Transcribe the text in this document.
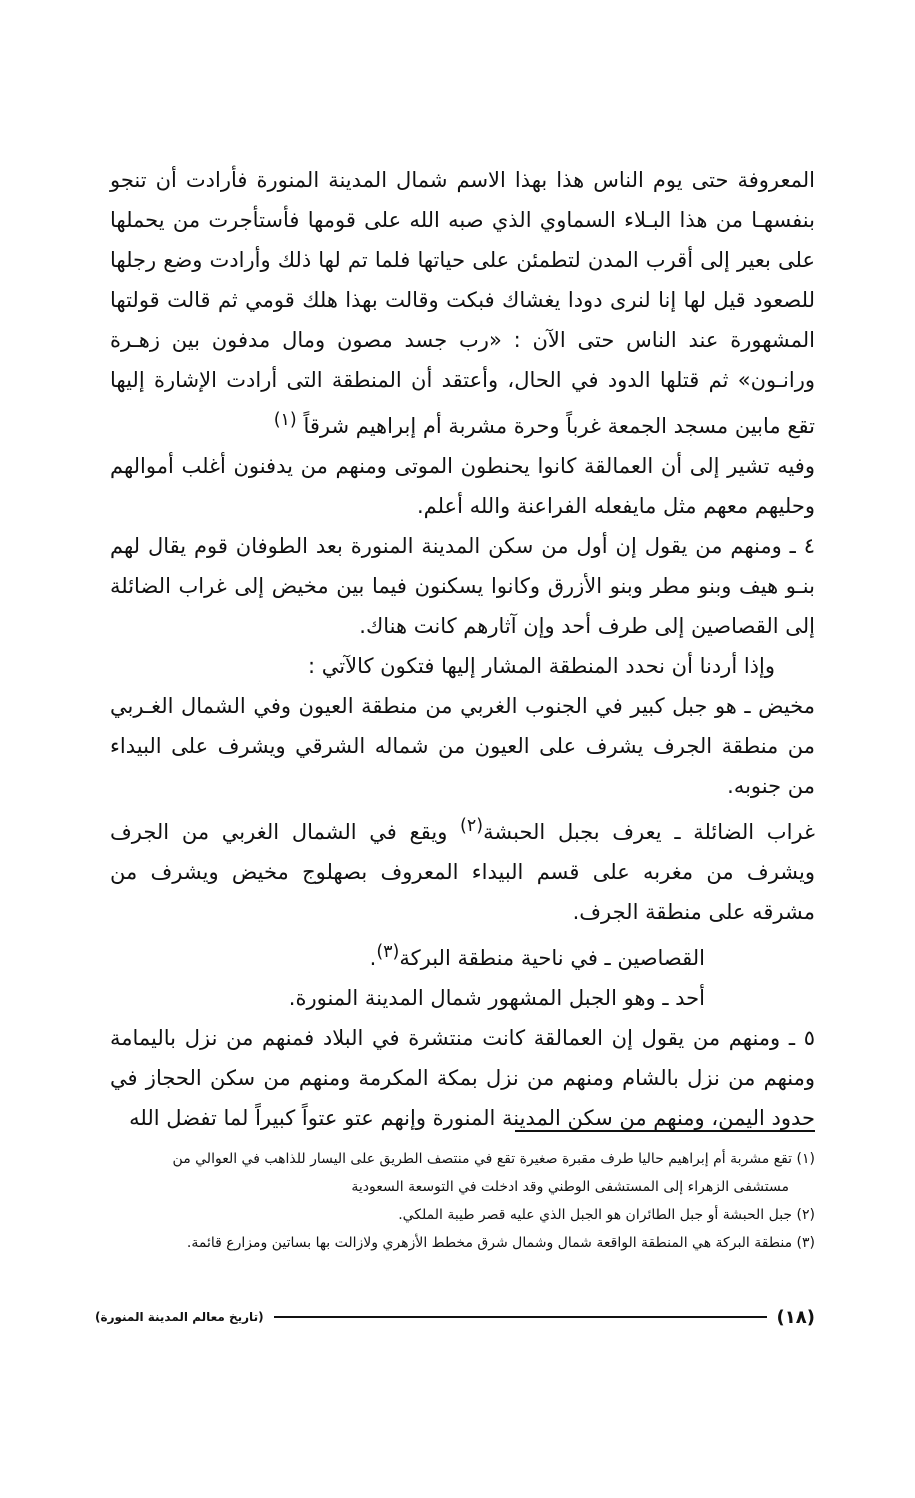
المعروفة حتى يوم الناس هذا بهذا الاسم شمال المدينة المنورة فأرادت أن تنجو بنفسهـا من هذا البـلاء السماوي الذي صبه الله على قومها فأستأجرت من يحملها على بعير إلى أقرب المدن لتطمئن على حياتها فلما تم لها ذلك وأرادت وضع رجلها للصعود قيل لها إنا لنرى دودا يغشاك فبكت وقالت بهذا هلك قومي ثم قالت قولتها المشهورة عند الناس حتى الآن : «رب جسد مصون ومال مدفون بين زهـرة ورانـون» ثم قتلها الدود في الحال، وأعتقد أن المنطقة التى أرادت الإشارة إليها تقع مابين مسجد الجمعة غرباً وحرة مشربة أم إبراهيم شرقاً $^{(١)}$

وفيه تشير إلى أن العمالقة كانوا يحنطون الموتى ومنهم من يدفنون أغلب أموالهم وحليهم معهم مثل مايفعله الفراعنة والله أعلم.

٤ ـ ومنهم من يقول إن أول من سكن المدينة المنورة بعد الطوفان قوم يقال لهم بنـو هيف وبنو مطر وبنو الأزرق وكانوا يسكنون فيما بين مخيض إلى غراب الضائلة إلى القصاصين إلى طرف أحد وإن آثارهم كانت هناك.

وإذا أردنا أن نحدد المنطقة المشار إليها فتكون كالآتي :

مخيض ـ هو جبل كبير في الجنوب الغربي من منطقة العيون وفي الشمال الغـربي من منطقة الجرف يشرف على العيون من شماله الشرقي ويشرف على البيداء من جنوبه.

غراب الضائلة ـ يعرف بجبل الحبشة$^{(٢)}$ ويقع في الشمال الغربي من الجرف ويشرف من مغربه على قسم البيداء المعروف بصهلوج مخيض ويشرف من مشرقه على منطقة الجرف.

القصاصين ـ في ناحية منطقة البركة$^{(٣)}$.

أحد ـ وهو الجبل المشهور شمال المدينة المنورة.

٥ ـ ومنهم من يقول إن العمالقة كانت منتشرة في البلاد فمنهم من نزل باليمامة ومنهم من نزل بالشام ومنهم من نزل بمكة المكرمة ومنهم من سكن الحجاز في حدود اليمن، ومنهم من سكن المدينة المنورة وإنهم عتو عتواً كبيراً لما تفضل الله

(١) تقع مشربة أم إبراهيم حاليا طرف مقبرة صغيرة تقع في منتصف الطريق على اليسار للذاهب في العوالي من

مستشفى الزهراء إلى المستشفى الوطني وقد ادخلت في التوسعة السعودية

(٢) جبل الحبشة أو جبل الطائران هو الجبل الذي عليه قصر طيبة الملكي.

(٣) منطقة البركة هي المنطقة الواقعة شمال وشمال شرق مخطط الأزهري ولازالت بها بساتين ومزارع قائمة.

(تاريخ معالم المدينة المنورة)	(١٨)
